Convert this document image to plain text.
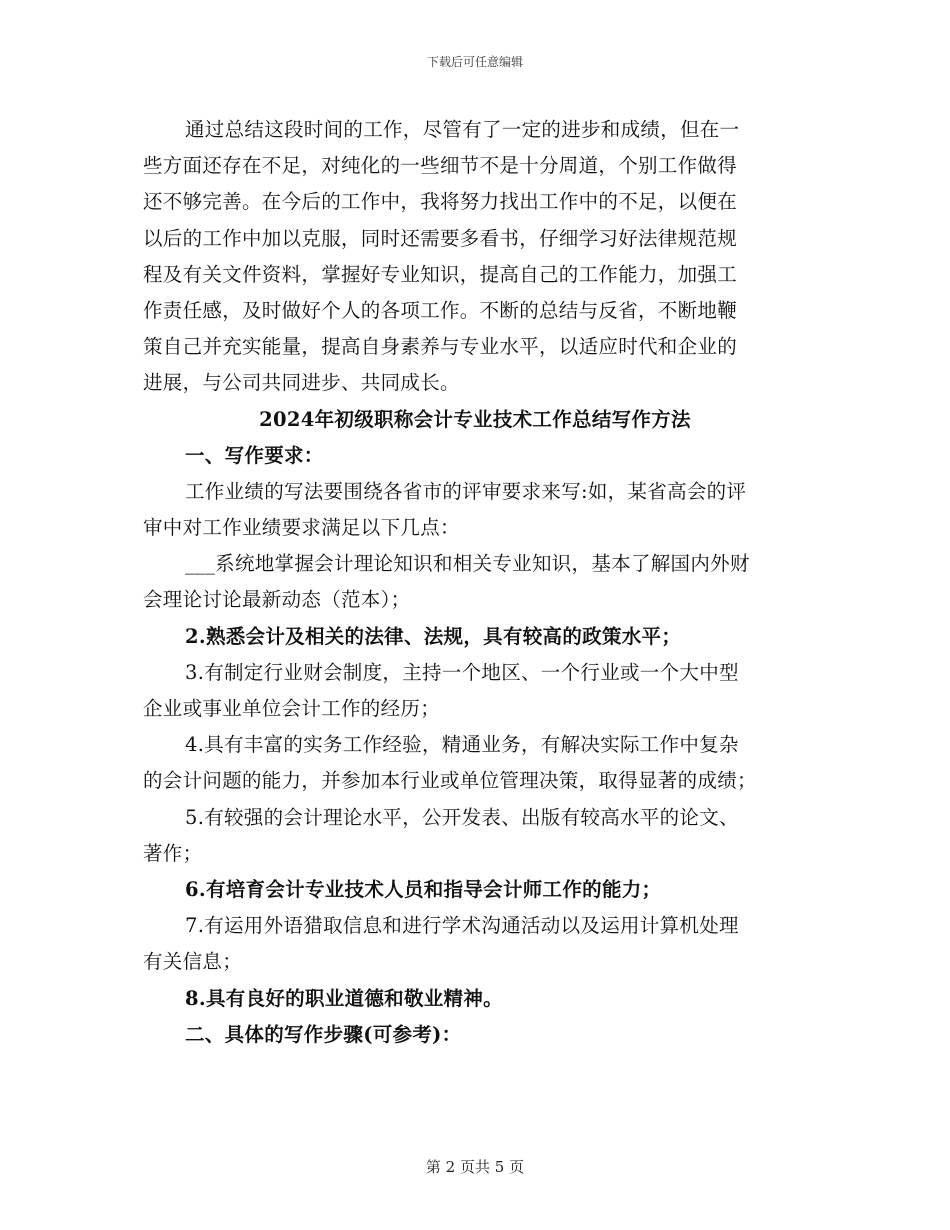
下载后可任意编辑
通过总结这段时间的工作，尽管有了一定的进步和成绩，但在一
些方面还存在不足，对纯化的一些细节不是十分周道，个别工作做得
还不够完善。在今后的工作中，我将努力找出工作中的不足，以便在
以后的工作中加以克服，同时还需要多看书，仔细学习好法律规范规
程及有关文件资料，掌握好专业知识，提高自己的工作能力，加强工
作责任感，及时做好个人的各项工作。不断的总结与反省，不断地鞭
策自己并充实能量，提高自身素养与专业水平，以适应时代和企业的
进展，与公司共同进步、共同成长。
2024年初级职称会计专业技术工作总结写作方法
一、写作要求：
工作业绩的写法要围绕各省市的评审要求来写:如，某省高会的评
审中对工作业绩要求满足以下几点：
___系统地掌握会计理论知识和相关专业知识，基本了解国内外财
会理论讨论最新动态（范本）；
2.熟悉会计及相关的法律、法规，具有较高的政策水平；
3.有制定行业财会制度，主持一个地区、一个行业或一个大中型
企业或事业单位会计工作的经历；
4.具有丰富的实务工作经验，精通业务，有解决实际工作中复杂
的会计问题的能力，并参加本行业或单位管理决策，取得显著的成绩；
5.有较强的会计理论水平，公开发表、出版有较高水平的论文、
著作；
6.有培育会计专业技术人员和指导会计师工作的能力；
7.有运用外语猎取信息和进行学术沟通活动以及运用计算机处理
有关信息；
8.具有良好的职业道德和敬业精神。
二、具体的写作步骤(可参考)：
第 2 页共 5 页
